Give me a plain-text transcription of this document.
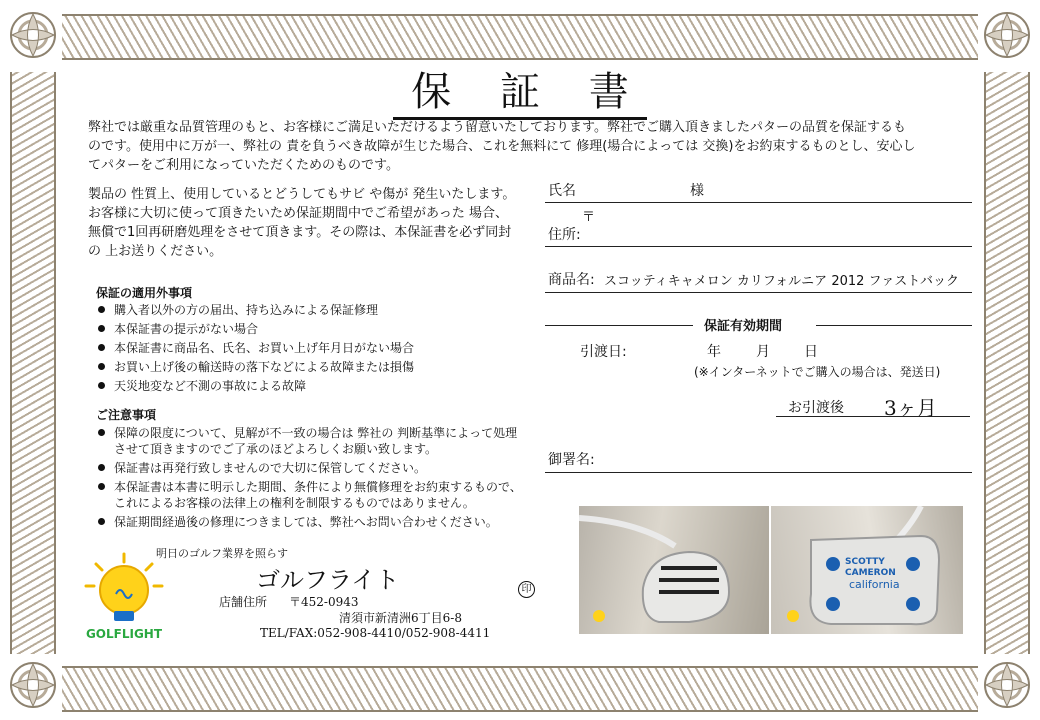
保 証 書
弊社では厳重な品質管理のもと、お客様にご満足いただけるよう留意いたしております。弊社でご購入頂きましたパターの品質を保証するものです。使用中に万が一、弊社の 責を負うべき故障が生じた場合、これを無料にて 修理(場合によっては 交換)をお約束するものとし、安心してパターをご利用になっていただくためのものです。
製品の 性質上、使用しているとどうしてもサビ や傷が 発生いたします。お客様に大切に使って頂きたいため保証期間中でご希望があった 場合、無償で1回再研磨処理をさせて頂きます。その際は、本保証書を必ず同封の 上お送りください。
保証の適用外事項
購入者以外の方の届出、持ち込みによる保証修理
本保証書の提示がない場合
本保証書に商品名、氏名、お買い上げ年月日がない場合
お買い上げ後の輸送時の落下などによる故障または損傷
天災地変など不測の事故による故障
ご注意事項
保障の限度について、見解が不一致の場合は 弊社の 判断基準によって処理させて頂きますのでご了承のほどよろしくお願い致します。
保証書は再発行致しませんので大切に保管してください。
本保証書は本書に明示した期間、条件により無償修理をお約束するもので、これによるお客様の法律上の権利を制限するものではありません。
保証期間経過後の修理につきましては、弊社へお問い合わせください。
氏名	様
〒
住所:
商品名: スコッティキャメロン カリフォルニア 2012 ファストバック
保証有効期間
引渡日:	年	月 日
(※インターネットでご購入の場合は、発送日)
お引渡後 3ヶ月
御署名:
明日のゴルフ業界を照らす
GOLFLIGHT
ゴルフライト	印
店舗住所 〒452-0943
清須市新清洲6丁目6-8
TEL/FAX:052-908-4410/052-908-4411
SCOTTY
CAMERON
california
